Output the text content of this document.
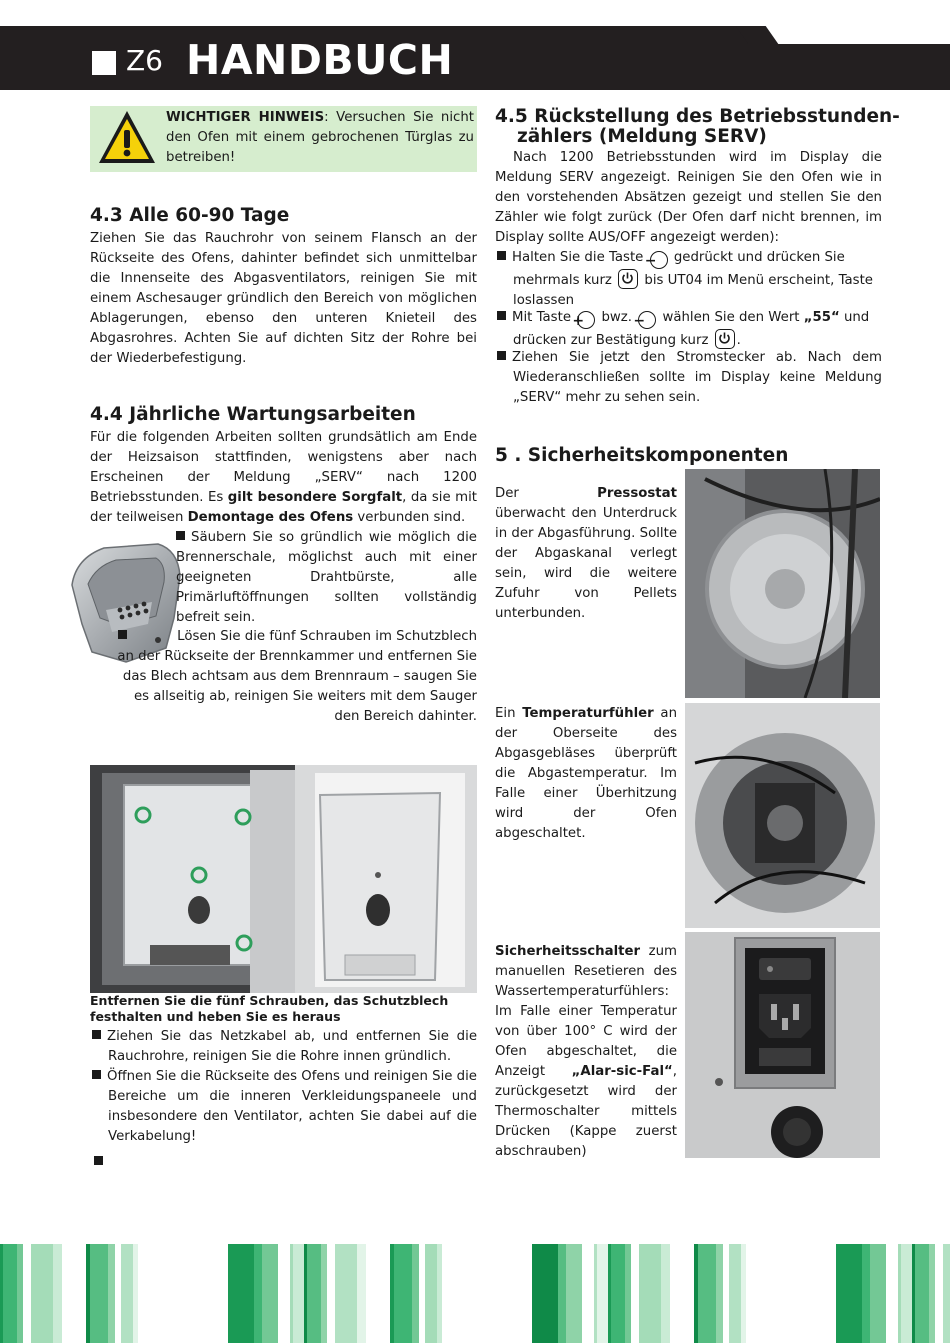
Z6 HANDBUCH
WICHTIGER HINWEIS: Versuchen Sie nicht den Ofen mit einem gebrochenen Türglas zu betreiben!
4.3 Alle 60-90 Tage
Ziehen Sie das Rauchrohr von seinem Flansch an der Rückseite des Ofens, dahinter befindet sich unmittelbar die Innenseite des Abgasventilators, reinigen Sie mit einem Aschesauger gründlich den Bereich von möglichen Ablagerungen, ebenso den unteren Knieteil des Abgasrohres. Achten Sie auf dichten Sitz der Rohre bei der Wiederbefestigung.
4.4 Jährliche Wartungsarbeiten
Für die folgenden Arbeiten sollten grundsätlich am Ende der Heizsaison stattfinden, wenigstens aber nach Erscheinen der Meldung „SERV“ nach 1200 Betriebsstunden. Es gilt besondere Sorgfalt, da sie mit der teilweisen Demontage des Ofens verbunden sind.
Säubern Sie so gründlich wie möglich die Brennerschale, möglichst auch mit einer geeigneten Drahtbürste, alle Primärluftöffnungen sollten vollständig befreit sein.
Lösen Sie die fünf Schrauben im Schutzblech an der Rückseite der Brennkammer und entfernen Sie das Blech achtsam aus dem Brennraum – saugen Sie es allseitig ab, reinigen Sie weiters mit dem Sauger den Bereich dahinter.
Entfernen Sie die fünf Schrauben, das Schutzblech festhalten und heben Sie es heraus
Ziehen Sie das Netzkabel ab, und entfernen Sie die Rauchrohre, reinigen Sie die Rohre innen gründlich.
Öffnen Sie die Rückseite des Ofens und reinigen Sie die Bereiche um die inneren Verkleidungspaneele und insbesondere den Ventilator, achten Sie dabei auf die Verkabelung!
4.5 Rückstellung des Betriebsstunden-
zählers (Meldung SERV)
Nach 1200 Betriebsstunden wird im Display die Meldung SERV angezeigt. Reinigen Sie den Ofen wie in den vorstehenden Absätzen gezeigt und stellen Sie den Zähler wie folgt zurück (Der Ofen darf nicht brennen, im Display sollte AUS/OFF angezeigt werden):
Halten Sie die Taste − gedrückt und drücken Sie mehrmals kurz bis UT04 im Menü erscheint, Taste loslassen
Mit Taste + bwz. − wählen Sie den Wert „55“ und drücken zur Bestätigung kurz .
Ziehen Sie jetzt den Stromstecker ab. Nach dem Wiederanschließen sollte im Display keine Meldung „SERV“ mehr zu sehen sein.
5 . Sicherheitskomponenten
Der Pressostat überwacht den Unterdruck in der Abgasführung. Sollte der Abgaskanal verlegt sein, wird die weitere Zufuhr von Pellets unterbunden.
Ein Temperaturfühler an der Oberseite des Abgasgebläses überprüft die Abgastemperatur. Im Falle einer Überhitzung wird der Ofen abgeschaltet.
Sicherheitsschalter zum manuellen Resetieren des Wassertemperaturfühlers: Im Falle einer Temperatur von über 100° C wird der Ofen abgeschaltet, die Anzeigt „Alar-sic-Fal“, zurückgesetzt wird der Thermoschalter mittels Drücken (Kappe zuerst abschrauben)
